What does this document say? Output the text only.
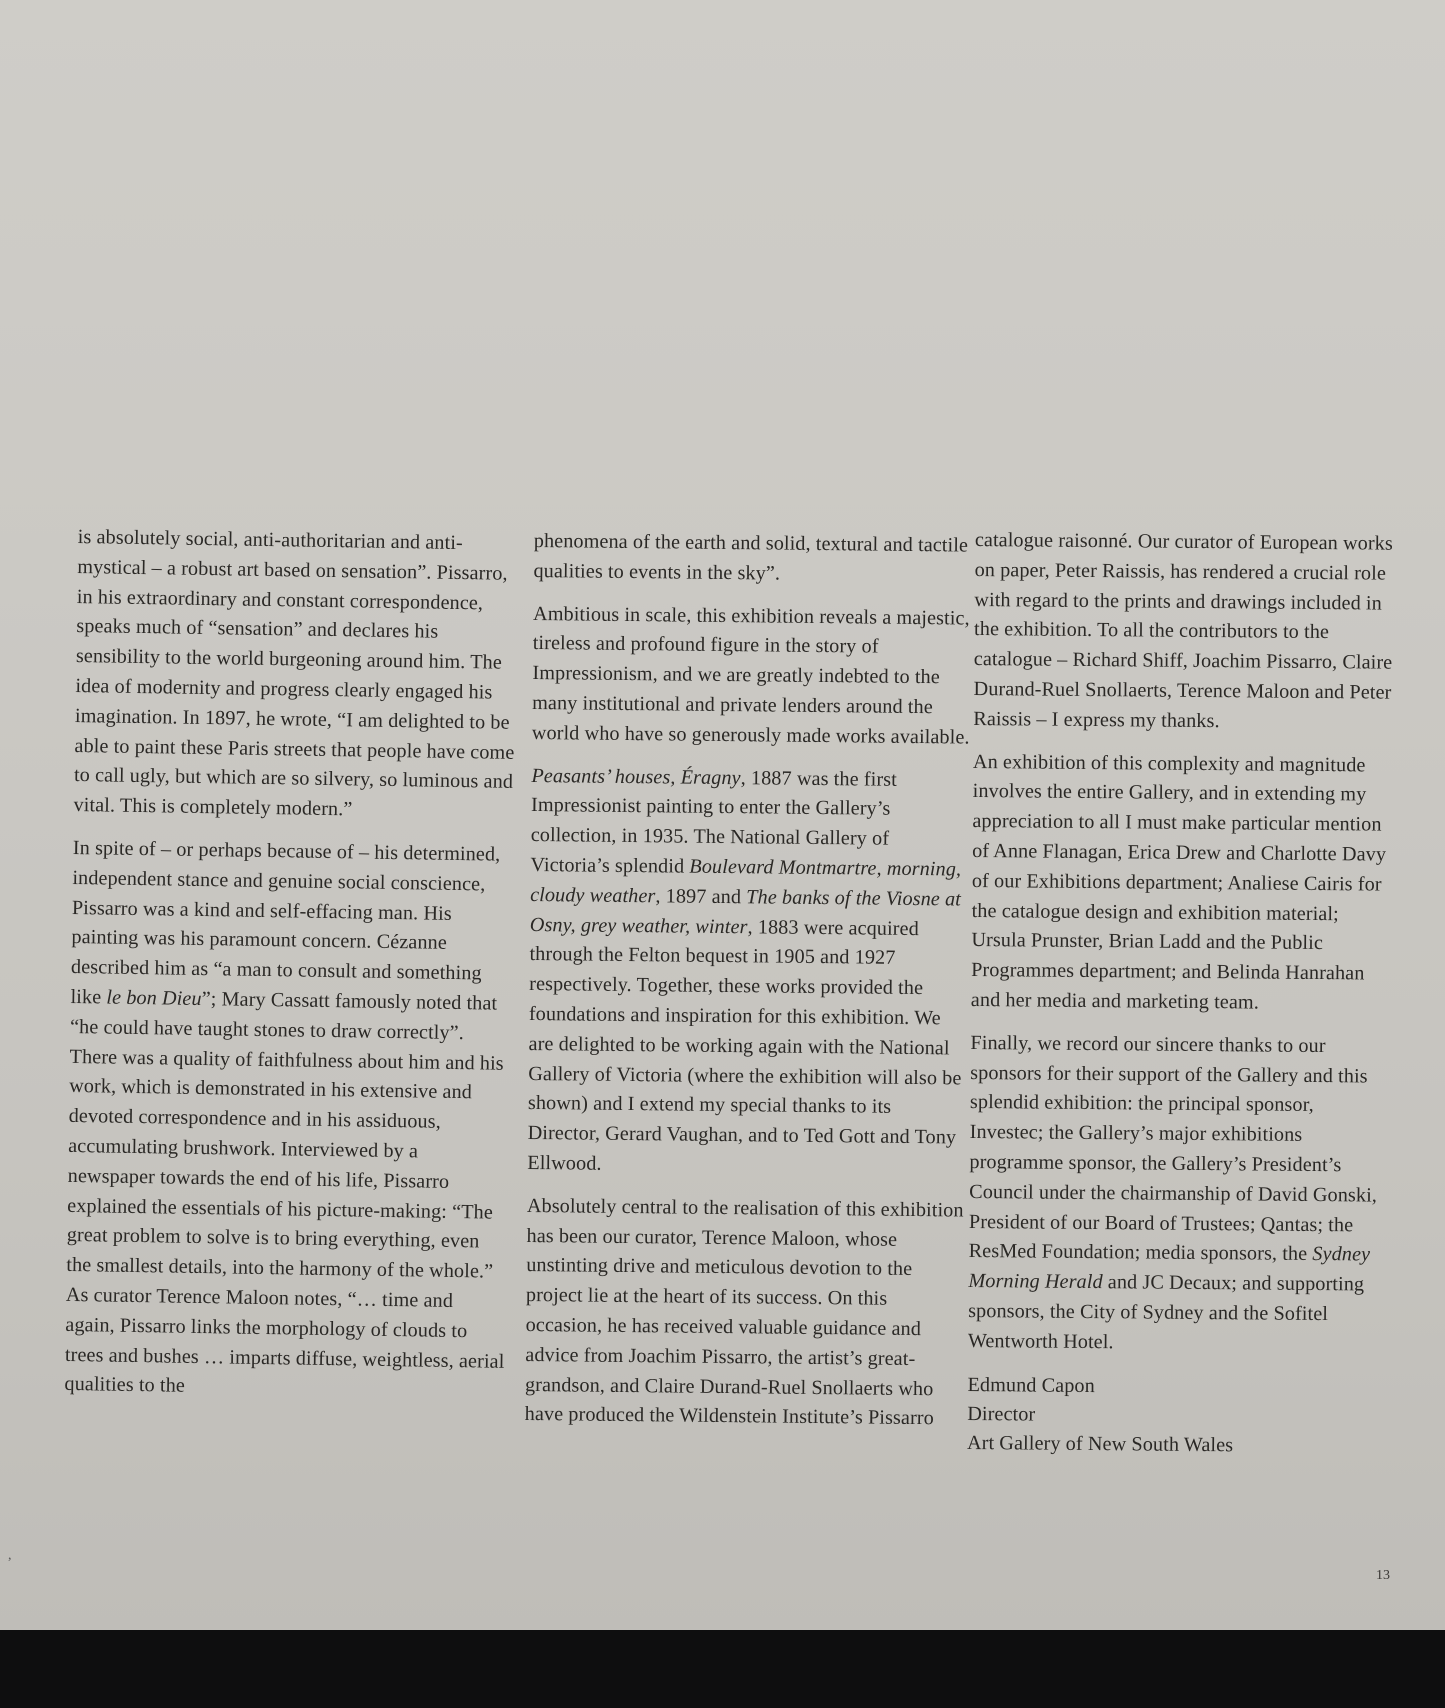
is absolutely social, anti-authoritarian and anti-mystical – a robust art based on sensation”. Pissarro, in his extraordinary and constant correspondence, speaks much of “sensation” and declares his sensibility to the world burgeoning around him. The idea of modernity and progress clearly engaged his imagination. In 1897, he wrote, “I am delighted to be able to paint these Paris streets that people have come to call ugly, but which are so silvery, so luminous and vital. This is completely modern.”

In spite of – or perhaps because of – his determined, independent stance and genuine social conscience, Pissarro was a kind and self-effacing man. His painting was his paramount concern. Cézanne described him as “a man to consult and something like le bon Dieu”; Mary Cassatt famously noted that “he could have taught stones to draw correctly”. There was a quality of faithfulness about him and his work, which is demonstrated in his extensive and devoted correspondence and in his assiduous, accumulating brushwork. Interviewed by a newspaper towards the end of his life, Pissarro explained the essentials of his picture-making: “The great problem to solve is to bring everything, even the smallest details, into the harmony of the whole.” As curator Terence Maloon notes, “… time and again, Pissarro links the morphology of clouds to trees and bushes … imparts diffuse, weightless, aerial qualities to the

phenomena of the earth and solid, textural and tactile qualities to events in the sky”.

Ambitious in scale, this exhibition reveals a majestic, tireless and profound figure in the story of Impressionism, and we are greatly indebted to the many institutional and private lenders around the world who have so generously made works available.

Peasants’ houses, Éragny, 1887 was the first Impressionist painting to enter the Gallery’s collection, in 1935. The National Gallery of Victoria’s splendid Boulevard Montmartre, morning, cloudy weather, 1897 and The banks of the Viosne at Osny, grey weather, winter, 1883 were acquired through the Felton bequest in 1905 and 1927 respectively. Together, these works provided the foundations and inspiration for this exhibition. We are delighted to be working again with the National Gallery of Victoria (where the exhibition will also be shown) and I extend my special thanks to its Director, Gerard Vaughan, and to Ted Gott and Tony Ellwood.

Absolutely central to the realisation of this exhibition has been our curator, Terence Maloon, whose unstinting drive and meticulous devotion to the project lie at the heart of its success. On this occasion, he has received valuable guidance and advice from Joachim Pissarro, the artist’s great-grandson, and Claire Durand-Ruel Snollaerts who have produced the Wildenstein Institute’s Pissarro

catalogue raisonné. Our curator of European works on paper, Peter Raissis, has rendered a crucial role with regard to the prints and drawings included in the exhibition. To all the contributors to the catalogue – Richard Shiff, Joachim Pissarro, Claire Durand-Ruel Snollaerts, Terence Maloon and Peter Raissis – I express my thanks.

An exhibition of this complexity and magnitude involves the entire Gallery, and in extending my appreciation to all I must make particular mention of Anne Flanagan, Erica Drew and Charlotte Davy of our Exhibitions department; Analiese Cairis for the catalogue design and exhibition material; Ursula Prunster, Brian Ladd and the Public Programmes department; and Belinda Hanrahan and her media and marketing team.

Finally, we record our sincere thanks to our sponsors for their support of the Gallery and this splendid exhibition: the principal sponsor, Investec; the Gallery’s major exhibitions programme sponsor, the Gallery’s President’s Council under the chairmanship of David Gonski, President of our Board of Trustees; Qantas; the ResMed Foundation; media sponsors, the Sydney Morning Herald and JC Decaux; and supporting sponsors, the City of Sydney and the Sofitel Wentworth Hotel.

Edmund Capon

Director

Art Gallery of New South Wales

,
13
